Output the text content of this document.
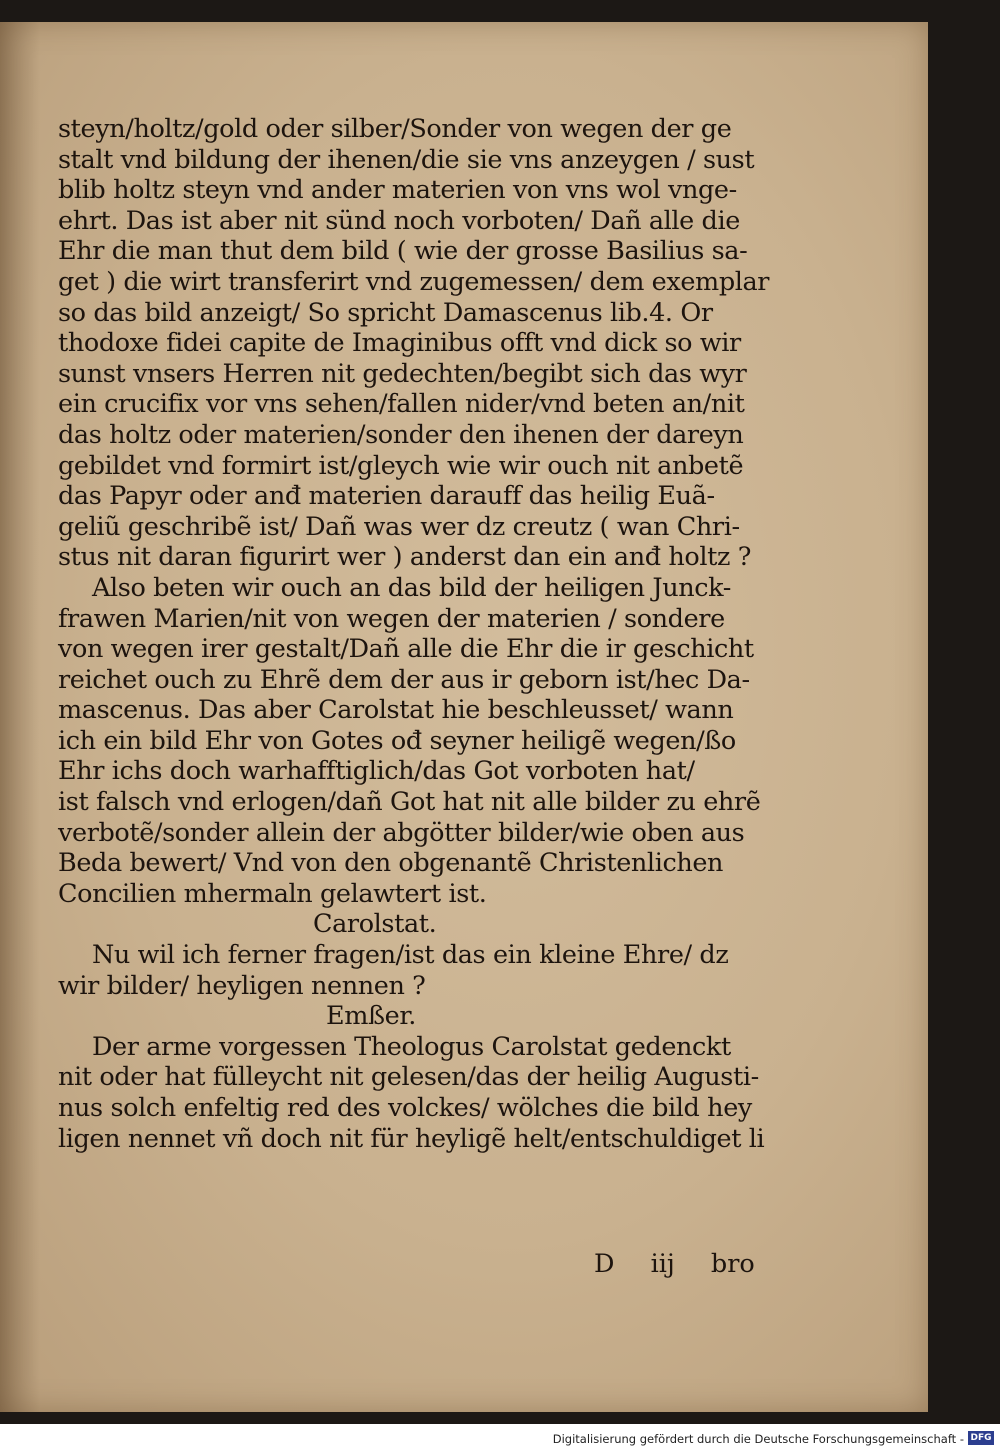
steyn/holtz/gold oder silber/Sonder von wegen der ge
stalt vnd bildung der ihenen/die sie vns anzeygen / sust
blib holtz steyn vnd ander materien von vns wol vnge-
ehrt. Das ist aber nit sünd noch vorboten/ Dañ alle die
Ehr die man thut dem bild ( wie der grosse Basilius sa-
get ) die wirt transferirt vnd zugemessen/ dem exemplar
so das bild anzeigt/ So spricht Damascenus lib.4. Or
thodoxe fidei capite de Imaginibus offt vnd dick so wir
sunst vnsers Herren nit gedechten/begibt sich das wyr
ein crucifix vor vns sehen/fallen nider/vnd beten an/nit
das holtz oder materien/sonder den ihenen der dareyn
gebildet vnd formirt ist/gleych wie wir ouch nit anbetẽ
das Papyr oder anđ materien darauff das heilig Euã-
geliũ geschribẽ ist/ Dañ was wer dz creutz ( wan Chri-
stus nit daran figurirt wer ) anderst dan ein anđ holtz ?
Also beten wir ouch an das bild der heiligen Junck-
frawen Marien/nit von wegen der materien / sondere
von wegen irer gestalt/Dañ alle die Ehr die ir geschicht
reichet ouch zu Ehrẽ dem der aus ir geborn ist/hec Da-
mascenus. Das aber Carolstat hie beschleusset/ wann
ich ein bild Ehr von Gotes ođ seyner heiligẽ wegen/ßo
Ehr ichs doch warhafftiglich/das Got vorboten hat/
ist falsch vnd erlogen/dañ Got hat nit alle bilder zu ehrẽ
verbotẽ/sonder allein der abgötter bilder/wie oben aus
Beda bewert/ Vnd von den obgenantẽ Christenlichen
Concilien mhermaln gelawtert ist.
Carolstat.
Nu wil ich ferner fragen/ist das ein kleine Ehre/ dz
wir bilder/ heyligen nennen ?
Emßer.
Der arme vorgessen Theologus Carolstat gedenckt
nit oder hat fülleycht nit gelesen/das der heilig Augusti-
nus solch enfeltig red des volckes/ wölches die bild hey
ligen nennet vñ doch nit für heyligẽ helt/entschuldiget li
D iij bro
Digitalisierung gefördert durch die Deutsche Forschungsgemeinschaft - DFG
